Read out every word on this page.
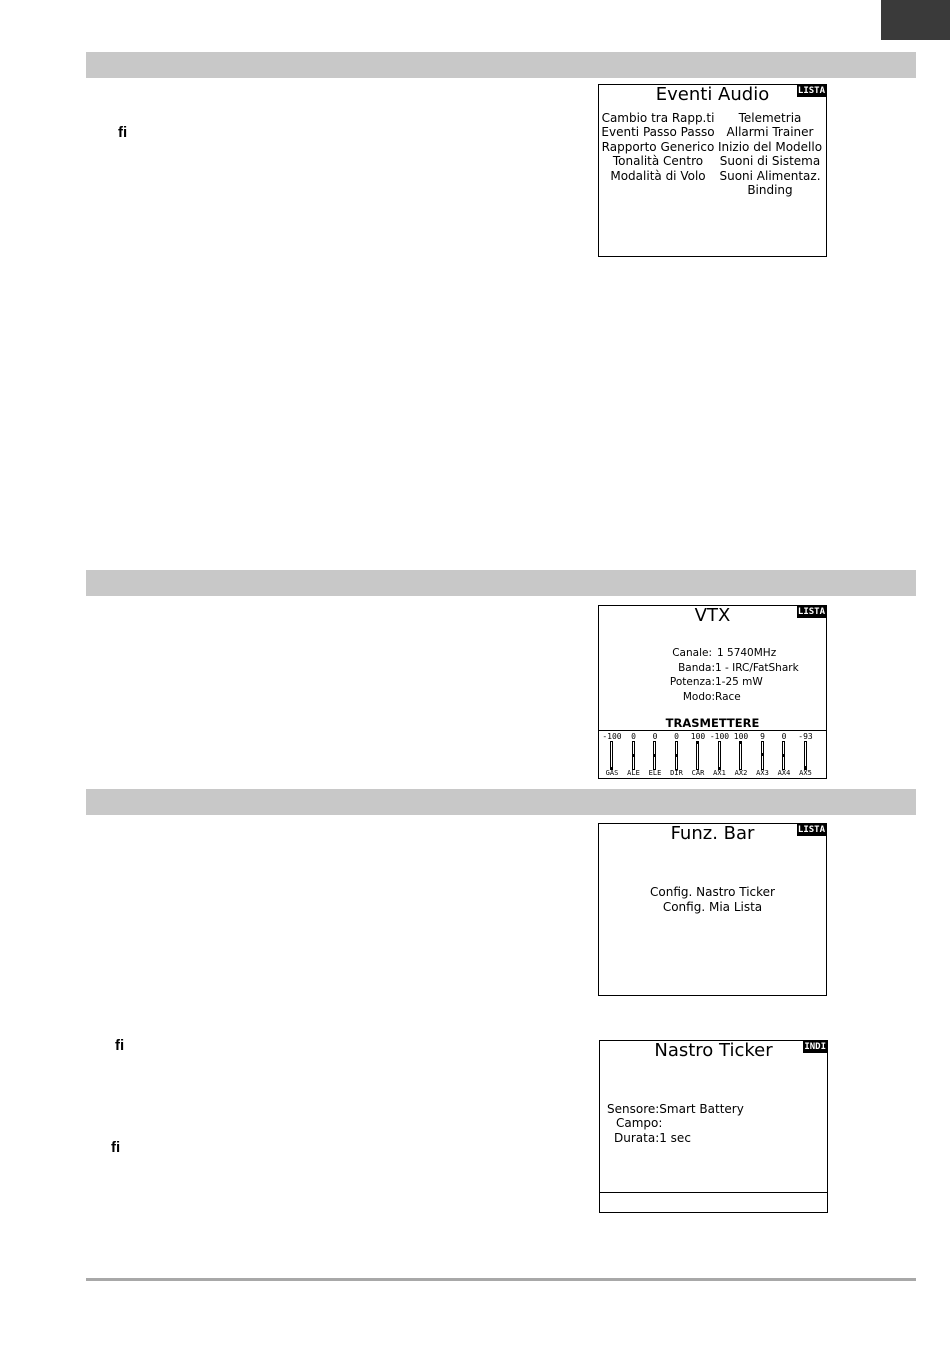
fi
fi
fi
Eventi Audio	LISTA
Cambio tra Rapp.ti
Eventi Passo Passo
Rapporto Generico
Tonalità Centro
Modalità di Volo
Telemetria
Allarmi Trainer
Inizio del Modello
Suoni di Sistema
Suoni Alimentaz.
Binding
VTX	LISTA
Canale: 1 5740MHz
Banda: 1 - IRC/FatShark
Potenza: 1-25 mW
Modo: Race
TRASMETTERE
-100
GAS
0
ALE
0
ELE
0
DIR
100
CAR
-100
AX1
100
AX2
9
AX3
0
AX4
-93
AX5
Funz. Bar	LISTA
Config. Nastro Ticker
Config. Mia Lista
Nastro Ticker	INDI
Sensore:Smart Battery
Campo:
Durata:1 sec
